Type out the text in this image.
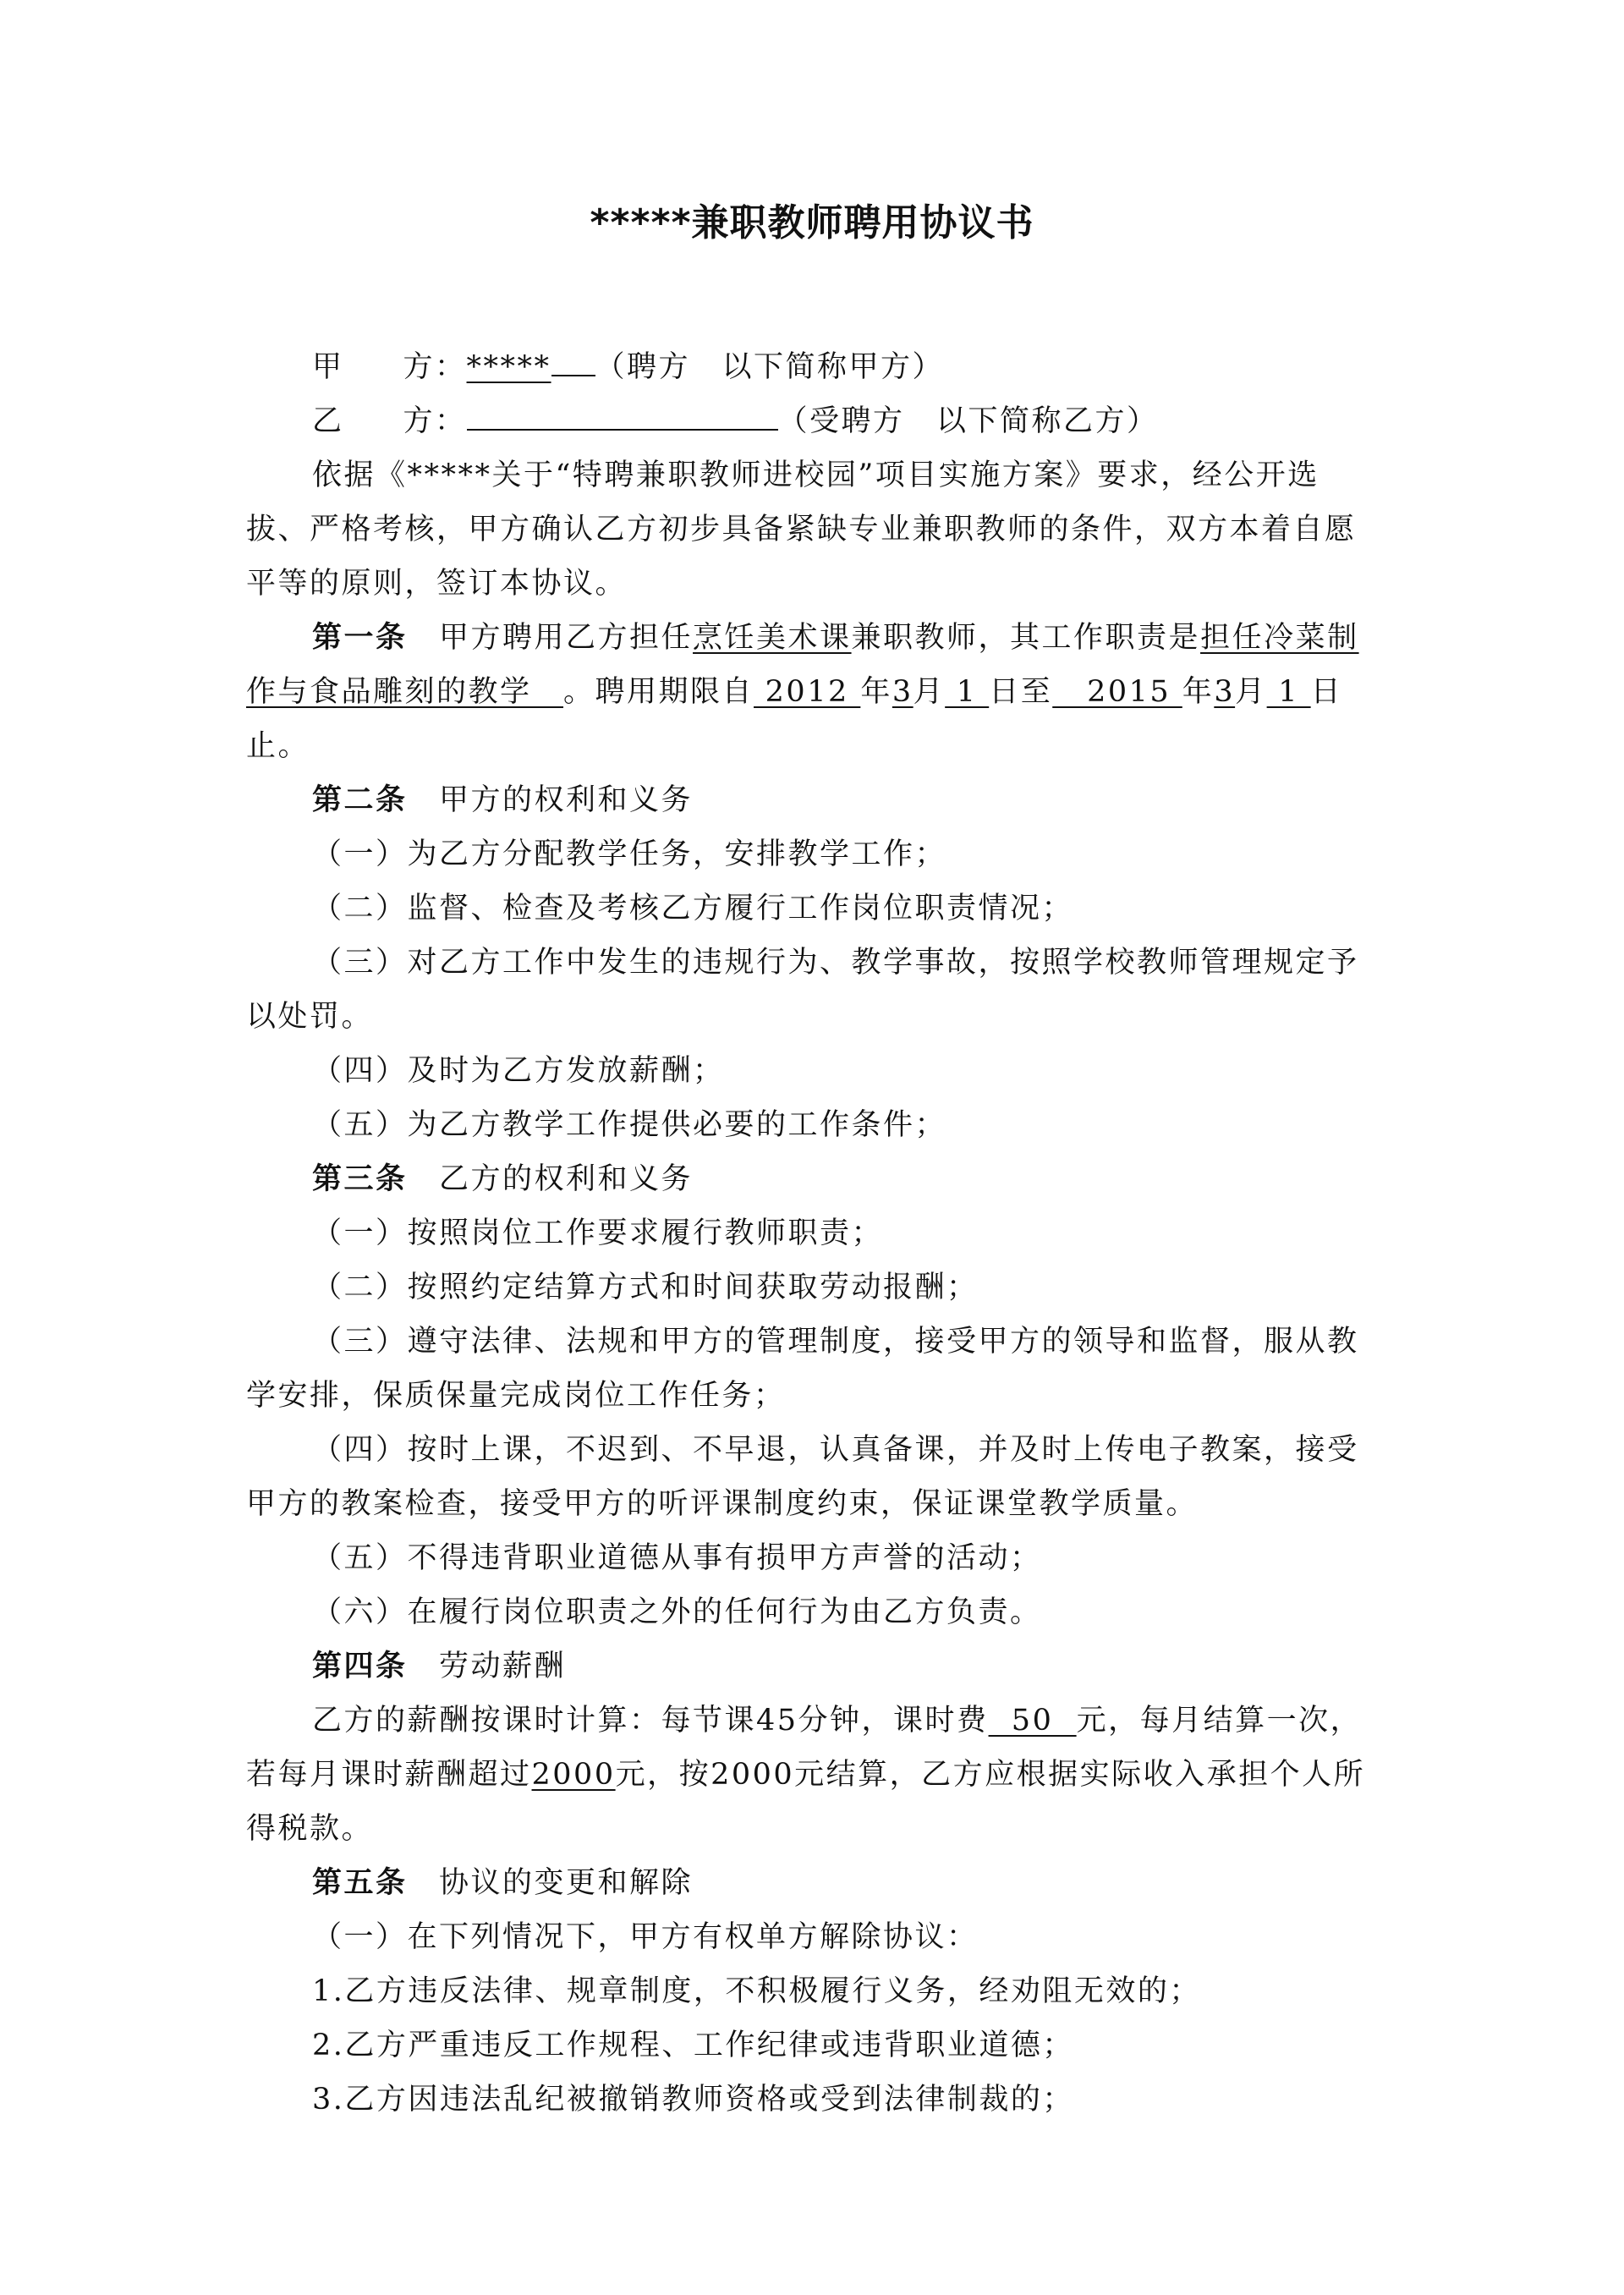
*****兼职教师聘用协议书

甲 方：***** （聘方　以下简称甲方）

乙 方：	（受聘方　以下简称乙方）

依据《*****关于“特聘兼职教师进校园”项目实施方案》要求，经公开选拔、严格考核，甲方确认乙方初步具备紧缺专业兼职教师的条件，双方本着自愿平等的原则，签订本协议。

第一条　甲方聘用乙方担任烹饪美术课兼职教师，其工作职责是担任冷菜制作与食品雕刻的教学　。聘用期限自 2012 年3月 1 日至   2015 年3月 1 日止。

第二条　甲方的权利和义务

（一）为乙方分配教学任务，安排教学工作；

（二）监督、检查及考核乙方履行工作岗位职责情况；

（三）对乙方工作中发生的违规行为、教学事故，按照学校教师管理规定予以处罚。

（四）及时为乙方发放薪酬；

（五）为乙方教学工作提供必要的工作条件；

第三条　乙方的权利和义务

（一）按照岗位工作要求履行教师职责；

（二）按照约定结算方式和时间获取劳动报酬；

（三）遵守法律、法规和甲方的管理制度，接受甲方的领导和监督，服从教学安排，保质保量完成岗位工作任务；

（四）按时上课，不迟到、不早退，认真备课，并及时上传电子教案，接受甲方的教案检查，接受甲方的听评课制度约束，保证课堂教学质量。

（五）不得违背职业道德从事有损甲方声誉的活动；

（六）在履行岗位职责之外的任何行为由乙方负责。

第四条　劳动薪酬

乙方的薪酬按课时计算：每节课45分钟，课时费  50  元，每月结算一次，若每月课时薪酬超过2000元，按2000元结算，乙方应根据实际收入承担个人所得税款。

第五条　协议的变更和解除

（一）在下列情况下，甲方有权单方解除协议：

1.乙方违反法律、规章制度，不积极履行义务，经劝阻无效的；

2.乙方严重违反工作规程、工作纪律或违背职业道德；

3.乙方因违法乱纪被撤销教师资格或受到法律制裁的；
